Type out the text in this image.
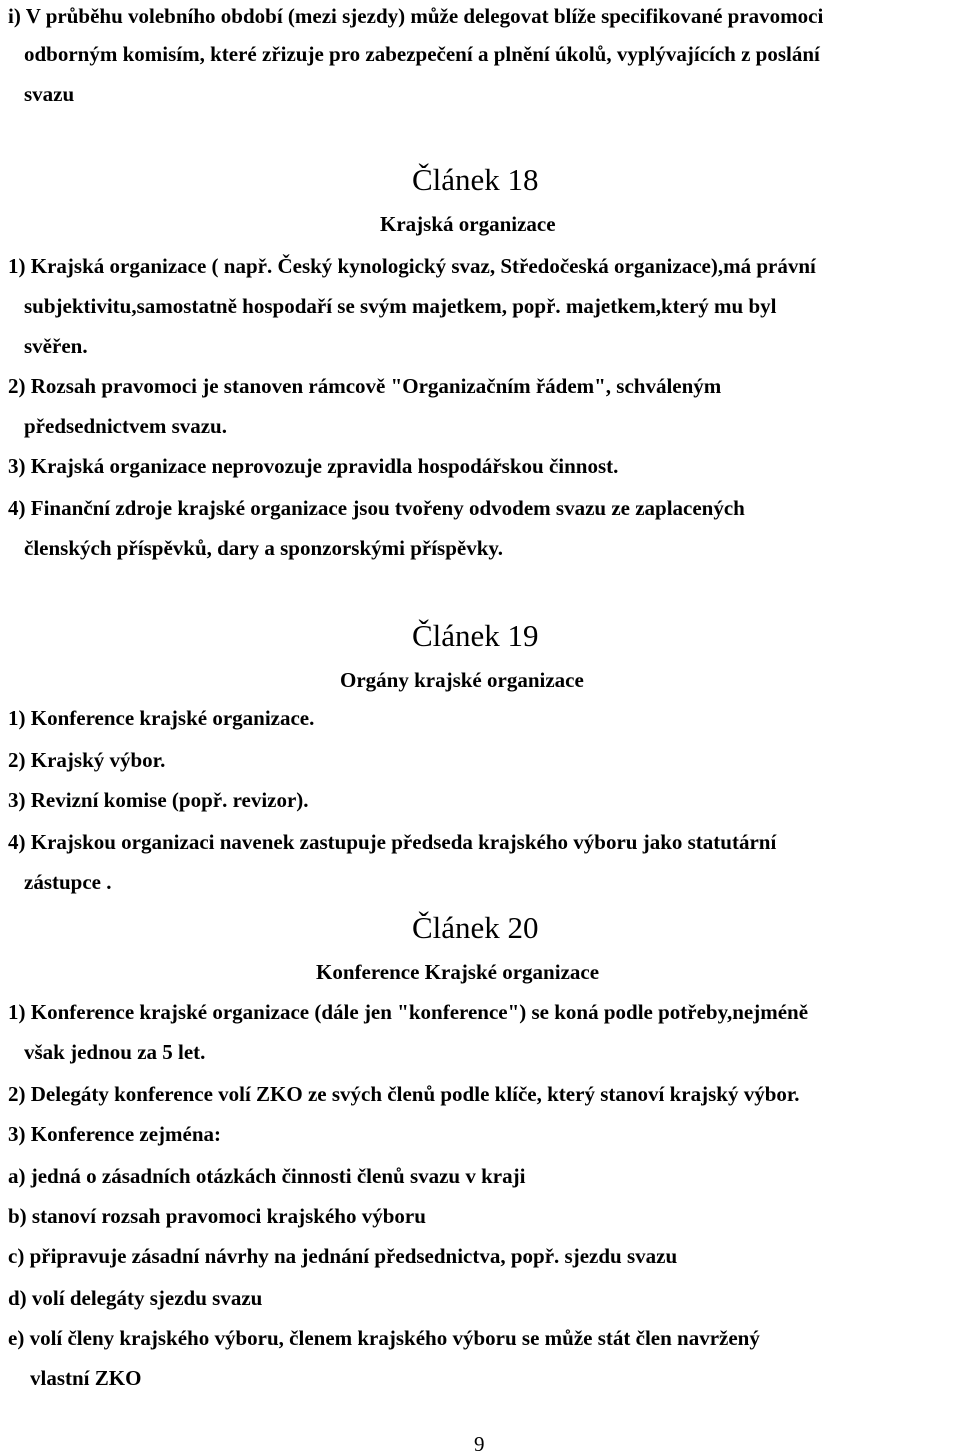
i) V průběhu volebního období (mezi sjezdy) může delegovat blíže specifikované pravomoci
odborným komisím, které zřizuje pro zabezpečení a plnění úkolů, vyplývajících z poslání
svazu
Článek 18
Krajská organizace
1) Krajská organizace ( např. Český kynologický svaz, Středočeská organizace),má právní
subjektivitu,samostatně hospodaří se svým majetkem, popř. majetkem,který mu byl
svěřen.
2) Rozsah pravomoci je stanoven rámcově "Organizačním řádem", schváleným
předsednictvem svazu.
3) Krajská organizace neprovozuje zpravidla hospodářskou činnost.
4) Finanční zdroje krajské organizace jsou tvořeny odvodem svazu ze zaplacených
členských příspěvků, dary a sponzorskými příspěvky.
Článek 19
Orgány krajské organizace
1) Konference krajské organizace.
2) Krajský výbor.
3) Revizní komise (popř. revizor).
4) Krajskou organizaci navenek zastupuje předseda krajského výboru jako statutární
zástupce .
Článek 20
Konference Krajské organizace
1) Konference krajské organizace (dále jen "konference") se koná podle potřeby,nejméně
však jednou za 5 let.
2) Delegáty konference volí ZKO ze svých členů podle klíče, který stanoví krajský výbor.
3) Konference zejména:
a) jedná o zásadních otázkách činnosti členů svazu v kraji
b) stanoví rozsah pravomoci krajského výboru
c) připravuje zásadní návrhy na jednání předsednictva, popř. sjezdu svazu
d) volí delegáty sjezdu svazu
e) volí členy krajského výboru, členem krajského výboru se může stát člen navržený
vlastní ZKO
9
